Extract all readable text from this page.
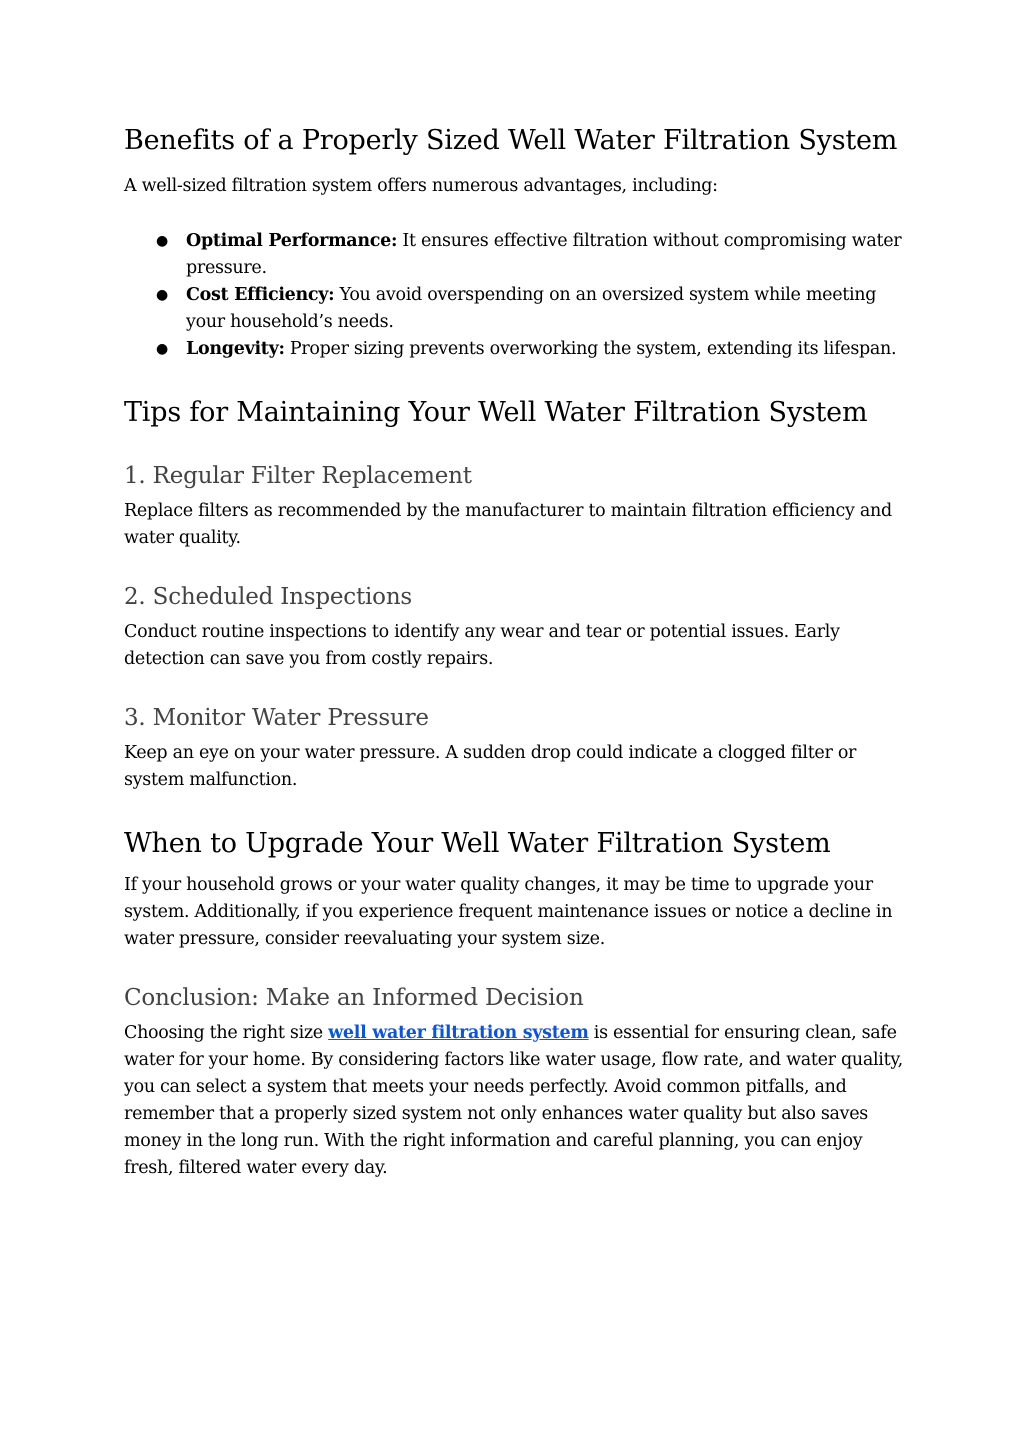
Benefits of a Properly Sized Well Water Filtration System

A well-sized filtration system offers numerous advantages, including:

● Optimal Performance: It ensures effective filtration without compromising water pressure.
● Cost Efficiency: You avoid overspending on an oversized system while meeting your household’s needs.
● Longevity: Proper sizing prevents overworking the system, extending its lifespan.
Tips for Maintaining Your Well Water Filtration System
1. Regular Filter Replacement

Replace filters as recommended by the manufacturer to maintain filtration efficiency and water quality.

2. Scheduled Inspections

Conduct routine inspections to identify any wear and tear or potential issues. Early detection can save you from costly repairs.

3. Monitor Water Pressure

Keep an eye on your water pressure. A sudden drop could indicate a clogged filter or system malfunction.

When to Upgrade Your Well Water Filtration System

If your household grows or your water quality changes, it may be time to upgrade your system. Additionally, if you experience frequent maintenance issues or notice a decline in water pressure, consider reevaluating your system size.

Conclusion: Make an Informed Decision

Choosing the right size well water filtration system is essential for ensuring clean, safe water for your home. By considering factors like water usage, flow rate, and water quality, you can select a system that meets your needs perfectly. Avoid common pitfalls, and remember that a properly sized system not only enhances water quality but also saves money in the long run. With the right information and careful planning, you can enjoy fresh, filtered water every day.
